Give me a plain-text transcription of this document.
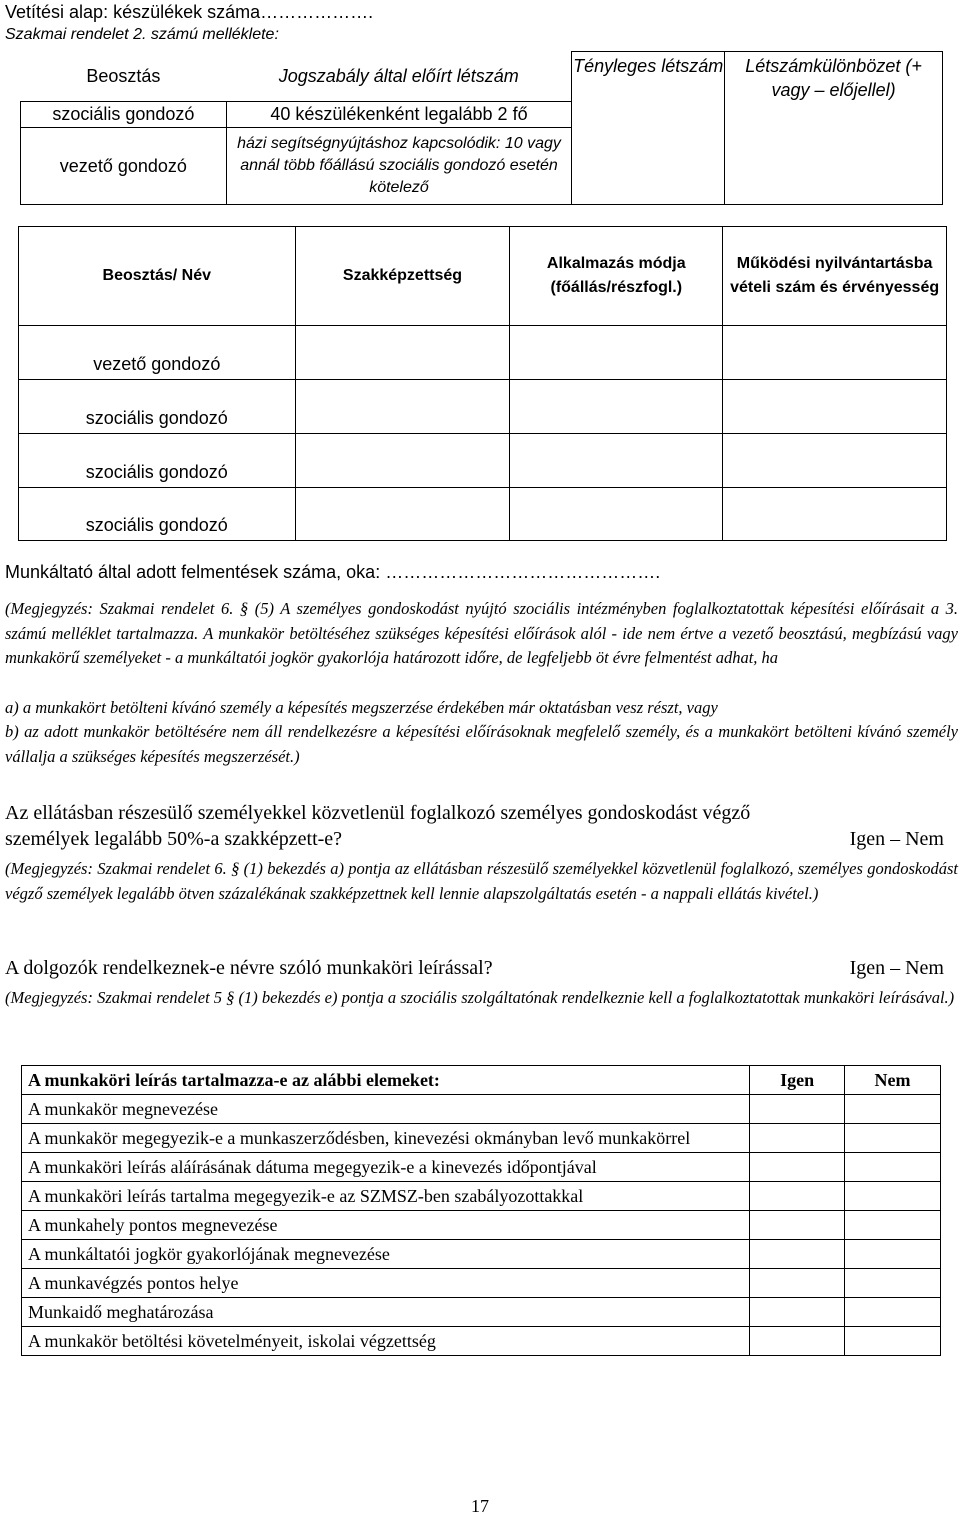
Vetítési alap: készülékek száma……………….
Szakmai rendelet 2. számú melléklete:
Beosztás	Jogszabály által előírt létszám	Tényleges létszám	Létszámkülönbözet (+ vagy – előjellel)
szociális gondozó	40 készülékenként legalább 2 fő		
vezető gondozó	házi segítségnyújtáshoz kapcsolódik: 10 vagy annál több főállású szociális gondozó esetén kötelező		
Beosztás/ Név	Szakképzettség	Alkalmazás módja (főállás/részfogl.)	Működési nyilvántartásba vételi szám és érvényesség
vezető gondozó			
szociális gondozó			
szociális gondozó			
szociális gondozó			
Munkáltató által adott felmentések száma, oka: ……………………………………….
(Megjegyzés: Szakmai rendelet 6. § (5) A személyes gondoskodást nyújtó szociális intézményben foglalkoztatottak képesítési előírásait a 3. számú melléklet tartalmazza. A munkakör betöltéséhez szükséges képesítési előírások alól - ide nem értve a vezető beosztású, megbízású vagy munkakörű személyeket - a munkáltatói jogkör gyakorlója határozott időre, de legfeljebb öt évre felmentést adhat, ha
a) a munkakört betölteni kívánó személy a képesítés megszerzése érdekében már oktatásban vesz részt, vagy
b) az adott munkakör betöltésére nem áll rendelkezésre a képesítési előírásoknak megfelelő személy, és a munkakört betölteni kívánó személy vállalja a szükséges képesítés megszerzését.)
Az ellátásban részesülő személyekkel közvetlenül foglalkozó személyes gondoskodást végző
személyek legalább 50%-a szakképzett-e?	Igen – Nem
(Megjegyzés: Szakmai rendelet 6. § (1) bekezdés a) pontja az ellátásban részesülő személyekkel közvetlenül foglalkozó, személyes gondoskodást végző személyek legalább ötven százalékának szakképzettnek kell lennie alapszolgáltatás esetén - a nappali ellátás kivétel.)
A dolgozók rendelkeznek-e névre szóló munkaköri leírással?	Igen – Nem
(Megjegyzés: Szakmai rendelet 5 § (1) bekezdés e) pontja a szociális szolgáltatónak rendelkeznie kell a foglalkoztatottak munkaköri leírásával.)
A munkaköri leírás tartalmazza-e az alábbi elemeket:	Igen	Nem
A munkakör megnevezése		
A munkakör megegyezik-e a munkaszerződésben, kinevezési okmányban levő munkakörrel		
A munkaköri leírás aláírásának dátuma megegyezik-e a kinevezés időpontjával		
A munkaköri leírás tartalma megegyezik-e az SZMSZ-ben szabályozottakkal		
A munkahely pontos megnevezése		
A munkáltatói jogkör gyakorlójának megnevezése		
A munkavégzés pontos helye		
Munkaidő meghatározása		
A munkakör betöltési követelményeit, iskolai végzettség		
17
